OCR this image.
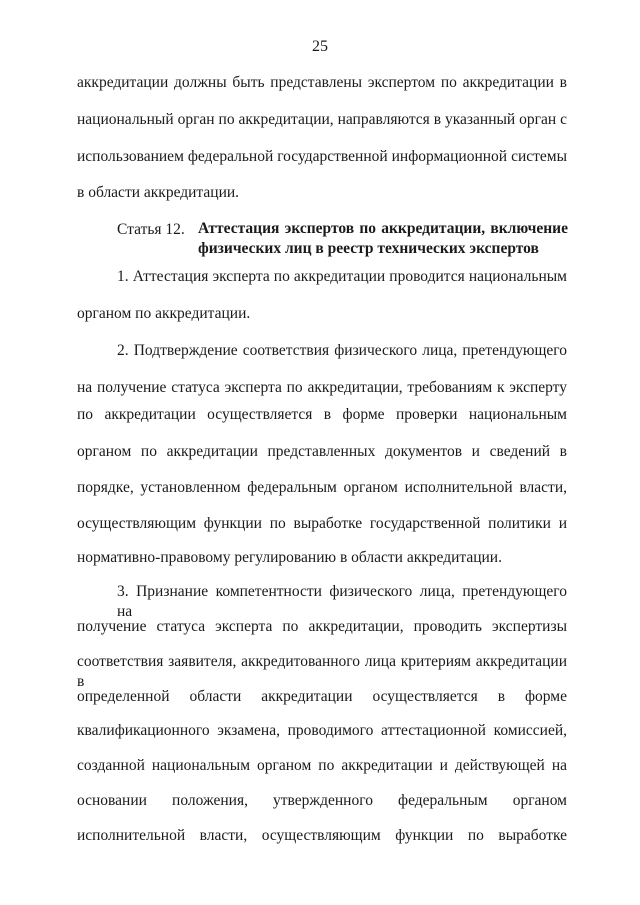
25
аккредитации должны быть представлены экспертом по аккредитации в
национальный орган по аккредитации, направляются в указанный орган с
использованием федеральной государственной информационной системы
в области аккредитации.
Статья 12. Аттестация экспертов по аккредитации, включение
физических лиц в реестр технических экспертов
1. Аттестация эксперта по аккредитации проводится национальным
органом по аккредитации.
2. Подтверждение соответствия физического лица, претендующего
на получение статуса эксперта по аккредитации, требованиям к эксперту
по аккредитации осуществляется в форме проверки национальным
органом по аккредитации представленных документов и сведений в
порядке, установленном федеральным органом исполнительной власти,
осуществляющим функции по выработке государственной политики и
нормативно-правовому регулированию в области аккредитации.
3. Признание компетентности физического лица, претендующего на
получение статуса эксперта по аккредитации, проводить экспертизы
соответствия заявителя, аккредитованного лица критериям аккредитации в
определенной области аккредитации осуществляется в форме
квалификационного экзамена, проводимого аттестационной комиссией,
созданной национальным органом по аккредитации и действующей на
основании положения, утвержденного федеральным органом
исполнительной власти, осуществляющим функции по выработке
